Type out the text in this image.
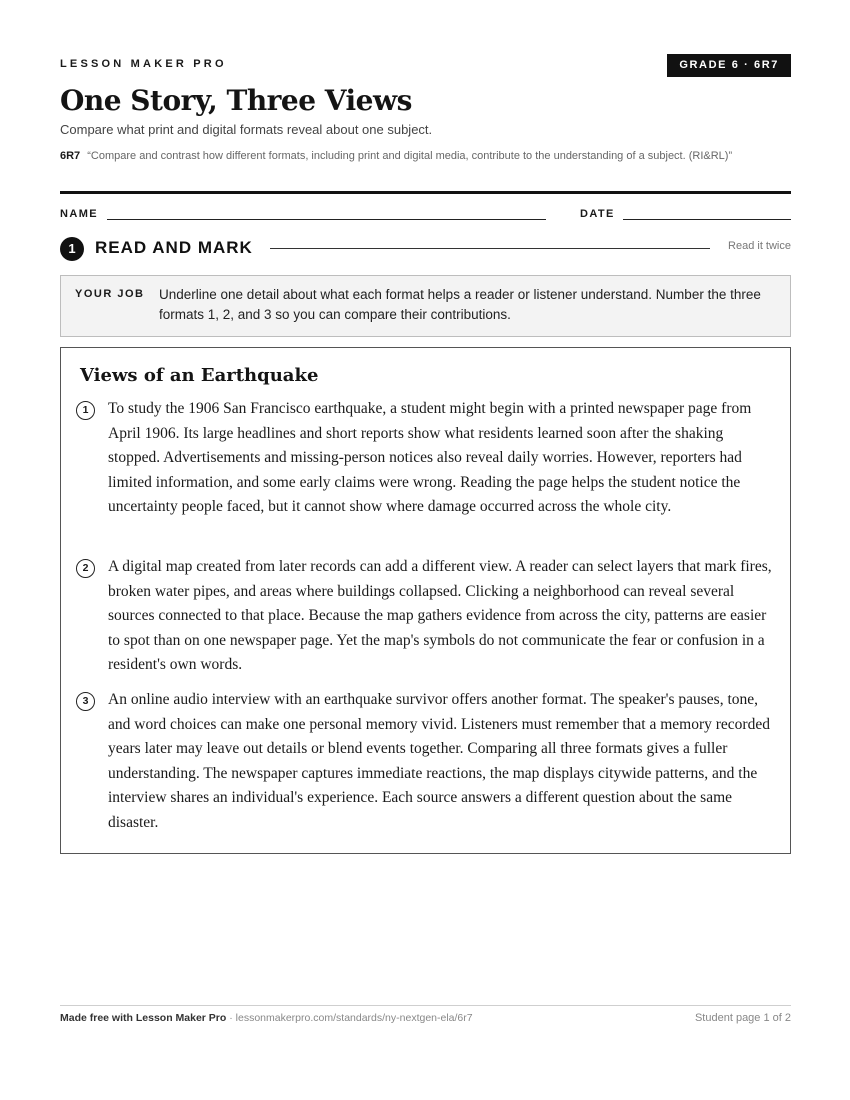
LESSON MAKER PRO	GRADE 6 · 6R7
One Story, Three Views
Compare what print and digital formats reveal about one subject.
6R7 “Compare and contrast how different formats, including print and digital media, contribute to the understanding of a subject. (RI&RL)”
NAME	DATE
1	READ AND MARK	Read it twice
YOUR JOB Underline one detail about what each format helps a reader or listener understand. Number the three formats 1, 2, and 3 so you can compare their contributions.
Views of an Earthquake
1	To study the 1906 San Francisco earthquake, a student might begin with a printed newspaper page from April 1906. Its large headlines and short reports show what residents learned soon after the shaking stopped. Advertisements and missing-person notices also reveal daily worries. However, reporters had limited information, and some early claims were wrong. Reading the page helps the student notice the uncertainty people faced, but it cannot show where damage occurred across the whole city.
2	A digital map created from later records can add a different view. A reader can select layers that mark fires, broken water pipes, and areas where buildings collapsed. Clicking a neighborhood can reveal several sources connected to that place. Because the map gathers evidence from across the city, patterns are easier to spot than on one newspaper page. Yet the map's symbols do not communicate the fear or confusion in a resident's own words.
3	An online audio interview with an earthquake survivor offers another format. The speaker's pauses, tone, and word choices can make one personal memory vivid. Listeners must remember that a memory recorded years later may leave out details or blend events together. Comparing all three formats gives a fuller understanding. The newspaper captures immediate reactions, the map displays citywide patterns, and the interview shares an individual's experience. Each source answers a different question about the same disaster.
Made free with Lesson Maker Pro · lessonmakerpro.com/standards/ny-nextgen-ela/6r7	Student page 1 of 2
